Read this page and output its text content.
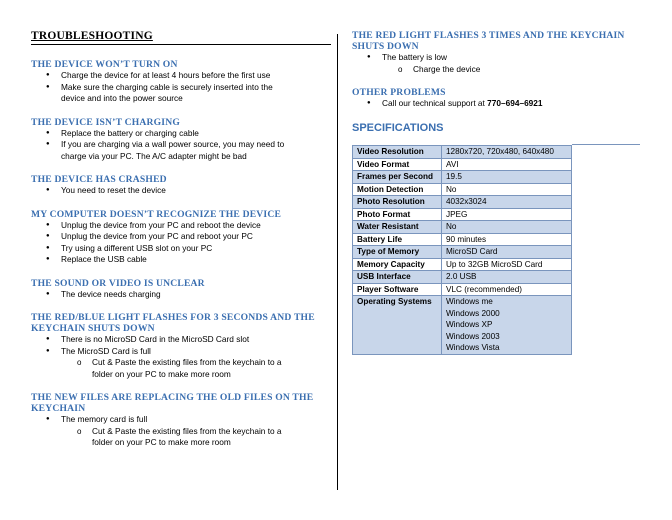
TROUBLESHOOTING
THE DEVICE WON’T TURN ON
● Charge the device for at least 4 hours before the first use
● Make sure the charging cable is securely inserted into the
device and into the power source
THE DEVICE ISN’T CHARGING
● Replace the battery or charging cable
● If you are charging via a wall power source, you may need to
charge via your PC. The A/C adapter might be bad
THE DEVICE HAS CRASHED
● You need to reset the device
MY COMPUTER DOESN’T RECOGNIZE THE DEVICE
● Unplug the device from your PC and reboot the device
● Unplug the device from your PC and reboot your PC
● Try using a different USB slot on your PC
● Replace the USB cable
THE SOUND OR VIDEO IS UNCLEAR
● The device needs charging
THE RED/BLUE LIGHT FLASHES FOR 3 SECONDS AND THE KEYCHAIN SHUTS DOWN
● There is no MicroSD Card in the MicroSD Card slot
● The MicroSD Card is full
o Cut & Paste the existing files from the keychain to a
folder on your PC to make more room
THE NEW FILES ARE REPLACING THE OLD FILES ON THE KEYCHAIN
● The memory card is full
o Cut & Paste the existing files from the keychain to a
folder on your PC to make more room
THE RED LIGHT FLASHES 3 TIMES AND THE KEYCHAIN SHUTS DOWN
● The battery is low
o Charge the device
OTHER PROBLEMS
● Call our technical support at 770–694–6921
SPECIFICATIONS
Video Resolution	1280x720, 720x480, 640x480

Video Format	AVI

Frames per Second	19.5

Motion Detection	No

Photo Resolution	4032x3024

Photo Format	JPEG

Water Resistant	No

Battery Life	90 minutes

Type of Memory	MicroSD Card

Memory Capacity	Up to 32GB MicroSD Card

USB Interface	2.0 USB

Player Software	VLC (recommended)

Operating Systems	Windows me
Windows 2000
Windows XP
Windows 2003
Windows Vista
